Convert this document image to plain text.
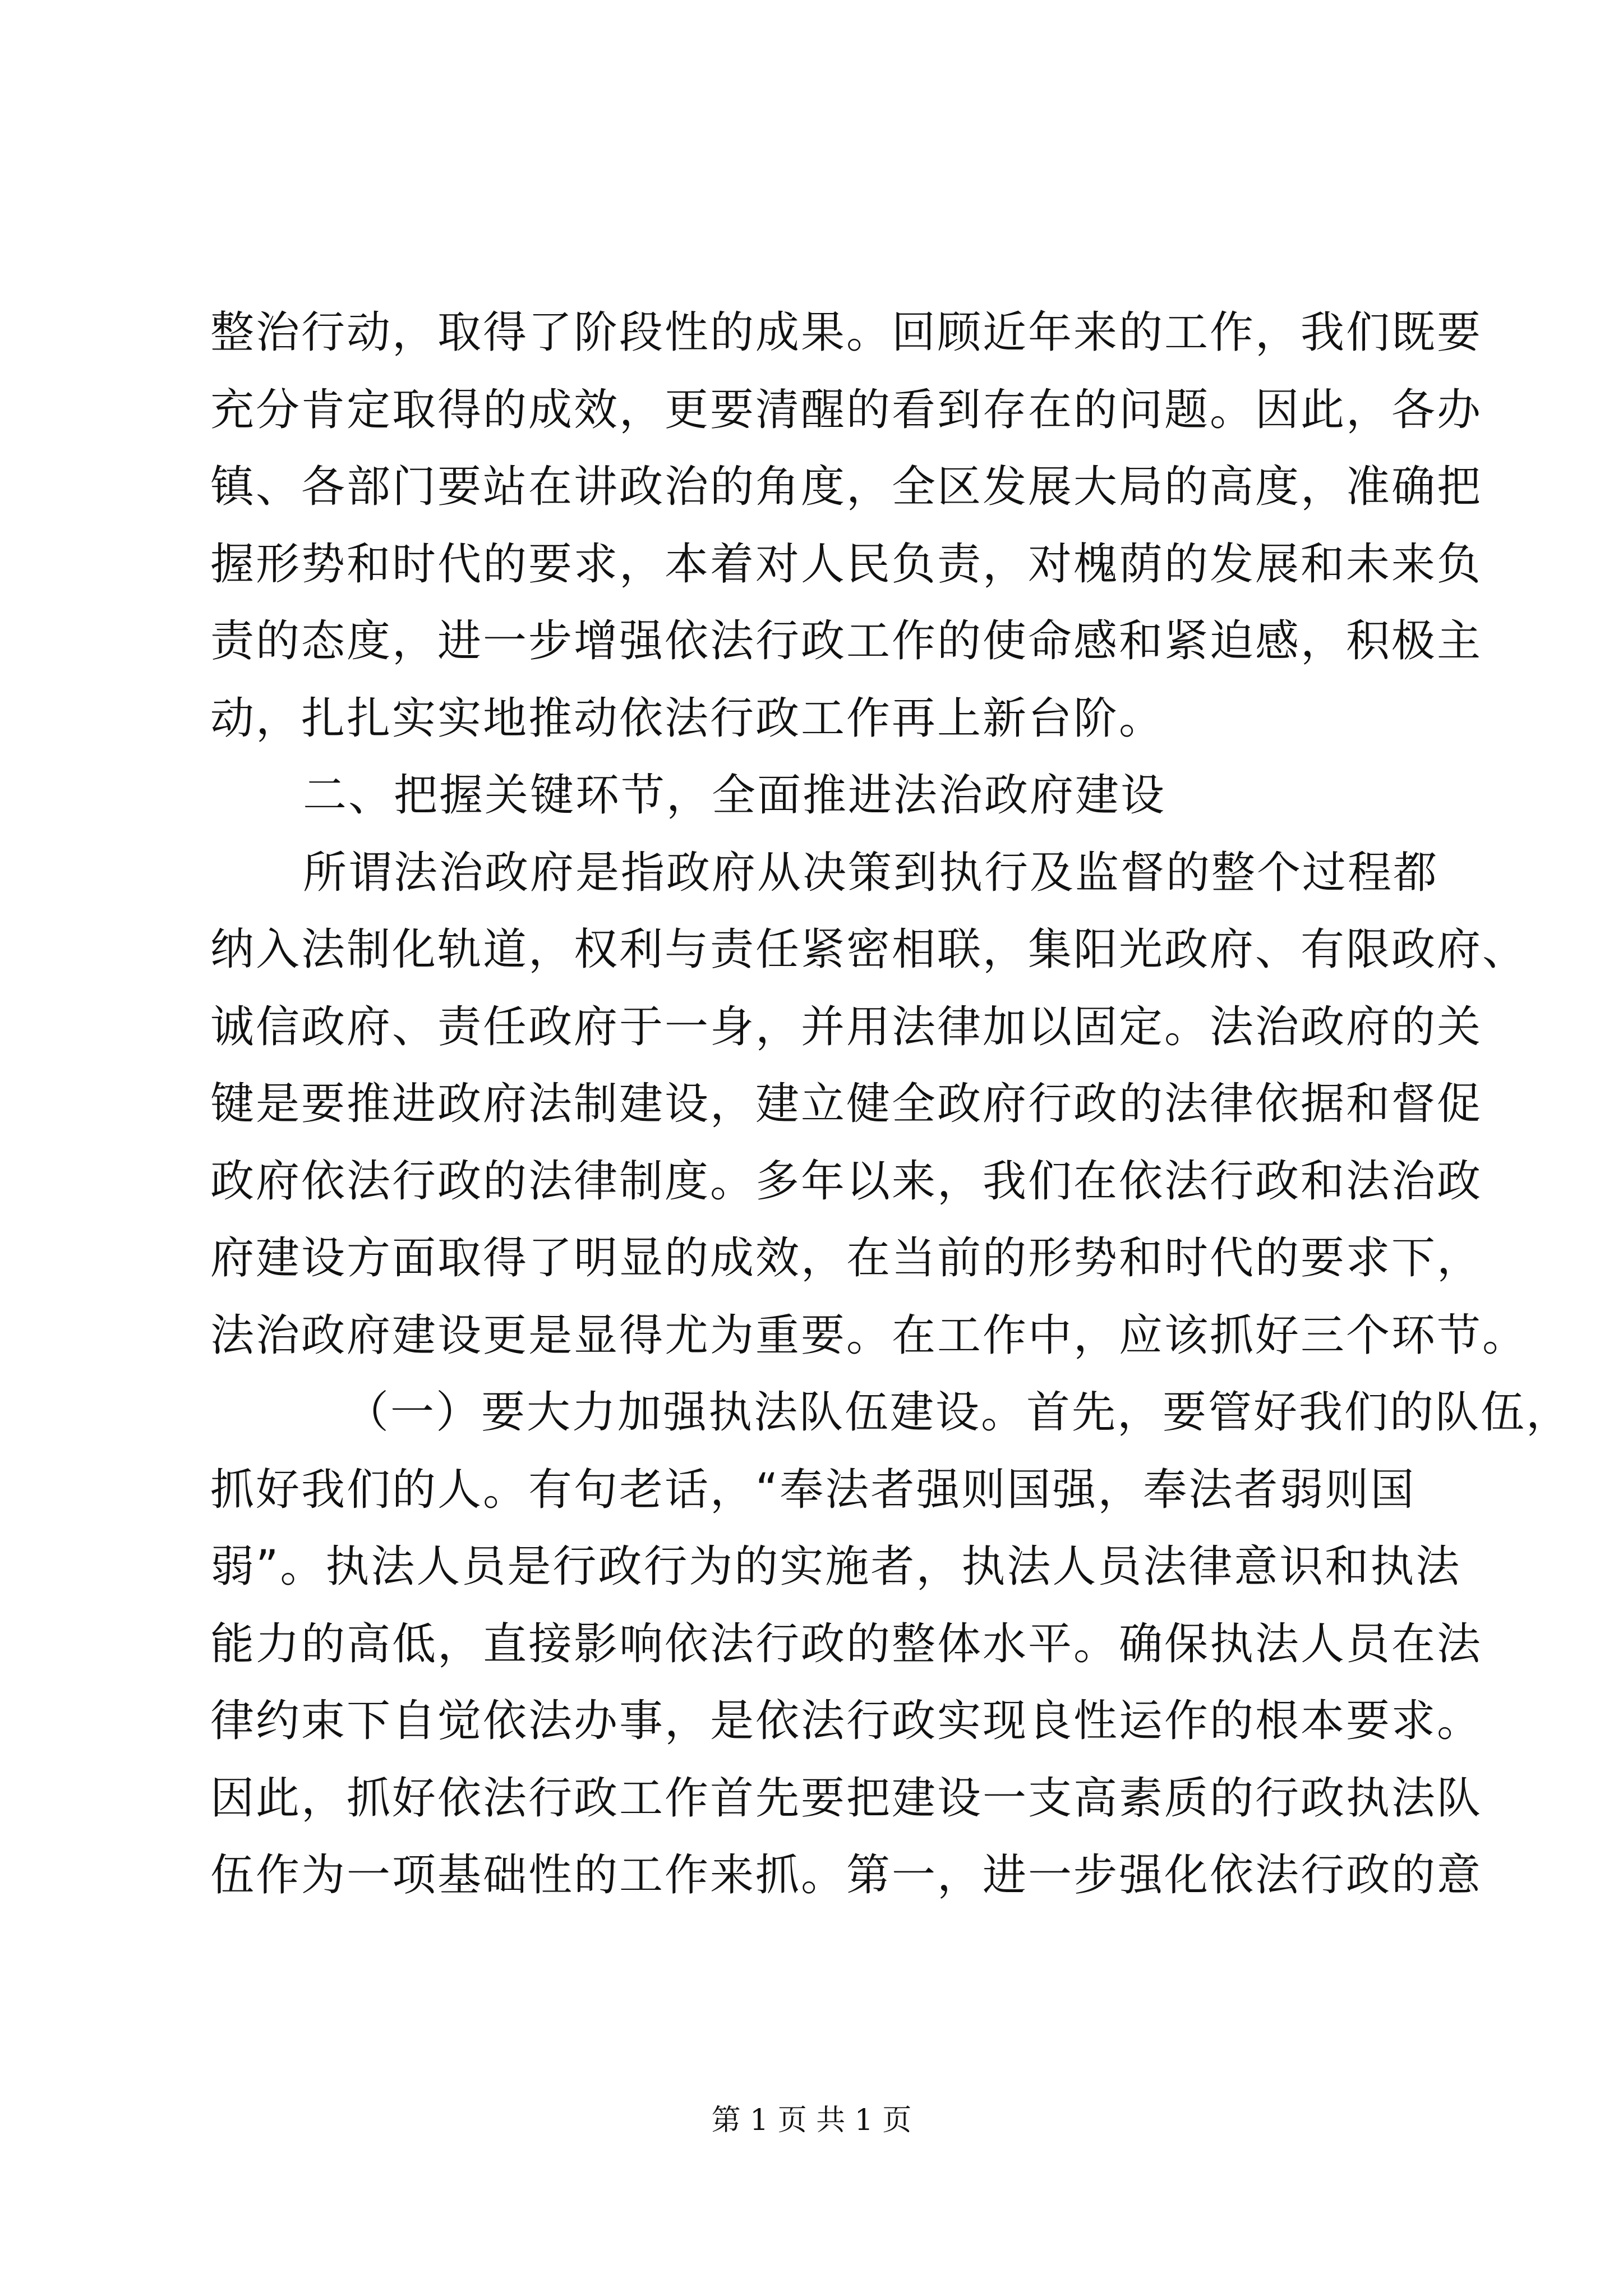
整治行动，取得了阶段性的成果。回顾近年来的工作，我们既要
充分肯定取得的成效，更要清醒的看到存在的问题。因此，各办
镇、各部门要站在讲政治的角度，全区发展大局的高度，准确把
握形势和时代的要求，本着对人民负责，对槐荫的发展和未来负
责的态度，进一步增强依法行政工作的使命感和紧迫感，积极主
动，扎扎实实地推动依法行政工作再上新台阶。
二、把握关键环节，全面推进法治政府建设
所谓法治政府是指政府从决策到执行及监督的整个过程都
纳入法制化轨道，权利与责任紧密相联，集阳光政府、有限政府、
诚信政府、责任政府于一身，并用法律加以固定。法治政府的关
键是要推进政府法制建设，建立健全政府行政的法律依据和督促
政府依法行政的法律制度。多年以来，我们在依法行政和法治政
府建设方面取得了明显的成效，在当前的形势和时代的要求下，
法治政府建设更是显得尤为重要。在工作中，应该抓好三个环节。
（一）要大力加强执法队伍建设。首先，要管好我们的队伍，
抓好我们的人。有句老话，“奉法者强则国强，奉法者弱则国
弱”。执法人员是行政行为的实施者，执法人员法律意识和执法
能力的高低，直接影响依法行政的整体水平。确保执法人员在法
律约束下自觉依法办事，是依法行政实现良性运作的根本要求。
因此，抓好依法行政工作首先要把建设一支高素质的行政执法队
伍作为一项基础性的工作来抓。第一，进一步强化依法行政的意
第 1 页 共 1 页
